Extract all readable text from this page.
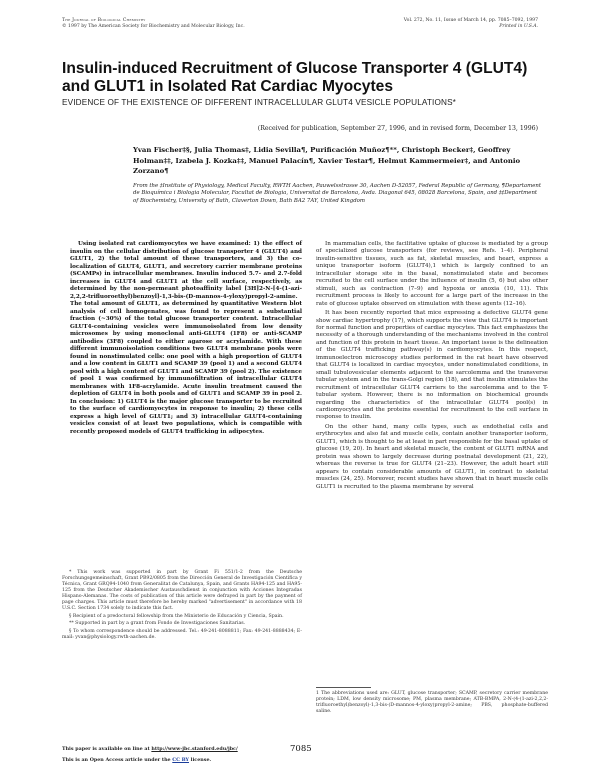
The Journal of Biological Chemistry
© 1997 by The American Society for Biochemistry and Molecular Biology, Inc.
Vol. 272, No. 11, Issue of March 14, pp. 7085–7092, 1997
Printed in U.S.A.
Insulin-induced Recruitment of Glucose Transporter 4 (GLUT4) and GLUT1 in Isolated Rat Cardiac Myocytes
EVIDENCE OF THE EXISTENCE OF DIFFERENT INTRACELLULAR GLUT4 VESICLE POPULATIONS*
(Received for publication, September 27, 1996, and in revised form, December 13, 1996)
Yvan Fischer‡§, Julia Thomas‡, Lidia Sevilla¶, Purificación Muñoz¶**, Christoph Becker‡, Geoffrey Holman‡‡, Izabela J. Kozka‡‡, Manuel Palacín¶, Xavier Testar¶, Helmut Kammermeier‡, and Antonio Zorzano¶
From the ‡Institute of Physiology, Medical Faculty, RWTH Aachen, Pauwelsstrasse 30, Aachen D-52057, Federal Republic of Germany, ¶Departament de Bioquímica i Biologia Molecular, Facultat de Biologia, Universitat de Barcelona, Avda. Diagonal 645, 08028 Barcelona, Spain, and ‡‡Department of Biochemistry, University of Bath, Claverton Down, Bath BA2 7AY, United Kingdom
Using isolated rat cardiomyocytes we have examined: 1) the effect of insulin on the cellular distribution of glucose transporter 4 (GLUT4) and GLUT1, 2) the total amount of these transporters, and 3) the co-localization of GLUT4, GLUT1, and secretory carrier membrane proteins (SCAMPs) in intracellular membranes. Insulin induced 5.7- and 2.7-fold increases in GLUT4 and GLUT1 at the cell surface, respectively, as determined by the non-permeant photoaffinity label [3H]2-N-[4-(1-azi-2,2,2-trifluoroethyl)benzoyl]-1,3-bis-(D-mannos-4-yloxy)propyl-2-amine. The total amount of GLUT1, as determined by quantitative Western blot analysis of cell homogenates, was found to represent a substantial fraction (~30%) of the total glucose transporter content. Intracellular GLUT4-containing vesicles were immunoisolated from low density microsomes by using monoclonal anti-GLUT4 (1F8) or anti-SCAMP antibodies (3F8) coupled to either agarose or acrylamide. With these different immunoisolation conditions two GLUT4 membrane pools were found in nonstimulated cells: one pool with a high proportion of GLUT4 and a low content in GLUT1 and SCAMP 39 (pool 1) and a second GLUT4 pool with a high content of GLUT1 and SCAMP 39 (pool 2). The existence of pool 1 was confirmed by immunofiltration of intracellular GLUT4 membranes with 1F8-acrylamide. Acute insulin treatment caused the depletion of GLUT4 in both pools and of GLUT1 and SCAMP 39 in pool 2. In conclusion: 1) GLUT4 is the major glucose transporter to be recruited to the surface of cardiomyocytes in response to insulin; 2) these cells express a high level of GLUT1; and 3) intracellular GLUT4-containing vesicles consist of at least two populations, which is compatible with recently proposed models of GLUT4 trafficking in adipocytes.

In mammalian cells, the facilitative uptake of glucose is mediated by a group of specialized glucose transporters (for reviews, see Refs. 1–4). Peripheral insulin-sensitive tissues, such as fat, skeletal muscles, and heart, express a unique transporter isoform (GLUT4),1 which is largely confined to an intracellular storage site in the basal, nonstimulated state and becomes recruited to the cell surface under the influence of insulin (5, 6) but also other stimuli, such as contraction (7–9) and hypoxia or anoxia (10, 11). This recruitment process is likely to account for a large part of the increase in the rate of glucose uptake observed on stimulation with these agents (12–16).

It has been recently reported that mice expressing a defective GLUT4 gene show cardiac hypertrophy (17), which supports the view that GLUT4 is important for normal function and properties of cardiac myocytes. This fact emphasizes the necessity of a thorough understanding of the mechanisms involved in the control and function of this protein in heart tissue. An important issue is the delineation of the GLUT4 trafficking pathway(s) in cardiomyocytes. In this respect, immunoelectron microscopy studies performed in the rat heart have observed that GLUT4 is localized in cardiac myocytes, under nonstimulated conditions, in small tubulovesicular elements adjacent to the sarcolemma and the transverse tubular system and in the trans-Golgi region (18), and that insulin stimulates the recruitment of intracellular GLUT4 carriers to the sarcolemma and to the T-tubular system. However, there is no information on biochemical grounds regarding the characteristics of the intracellular GLUT4 pool(s) in cardiomyocytes and the proteins essential for recruitment to the cell surface in response to insulin.

On the other hand, many cells types, such as endothelial cells and erythrocytes and also fat and muscle cells, contain another transporter isoform, GLUT1, which is thought to be at least in part responsible for the basal uptake of glucose (19, 20). In heart and skeletal muscle, the content of GLUT1 mRNA and protein was shown to largely decrease during postnatal development (21, 22), whereas the reverse is true for GLUT4 (21–23). However, the adult heart still appears to contain considerable amounts of GLUT1, in contrast to skeletal muscles (24, 25). Moreover, recent studies have shown that in heart muscle cells GLUT1 is recruited to the plasma membrane by several

* This work was supported in part by Grant Fi 551/1-2 from the Deutsche Forschungsgemeinschaft, Grant PB92/0805 from the Dirección General de Investigación Científica y Técnica, Grant GRQ94-1040 from Generalitat de Catalunya, Spain, and Grants HA94-125 and HA95-125 from the Deutscher Akademischer Austauschdienst in conjunction with Acciones Integradas Hispano-Alemanas. The costs of publication of this article were defrayed in part by the payment of page charges. This article must therefore be hereby marked "advertisement" in accordance with 18 U.S.C. Section 1734 solely to indicate this fact.

§ Recipient of a predoctoral fellowship from the Ministerio de Educación y Ciencia, Spain.

** Supported in part by a grant from Fondo de Investigaciones Sanitarias.

§ To whom correspondence should be addressed. Tel.: 49-241-8088811; Fax: 49-241-8888434; E-mail: yvan@physiology.rwth-aachen.de.

1 The abbreviations used are: GLUT, glucose transporter; SCAMP, secretory carrier membrane protein; LDM, low density microsome; PM, plasma membrane; ATB-BMPA, 2-N-(4-(1-azi-2,2,2-trifluoroethyl)benzoyl)-1,3-bis-(D-mannos-4-yloxy)propyl-2-amine; PBS, phosphate-buffered saline.
This paper is available on line at http://www-jbc.stanford.edu/jbc/
This is an Open Access article under the CC BY license.
7085
